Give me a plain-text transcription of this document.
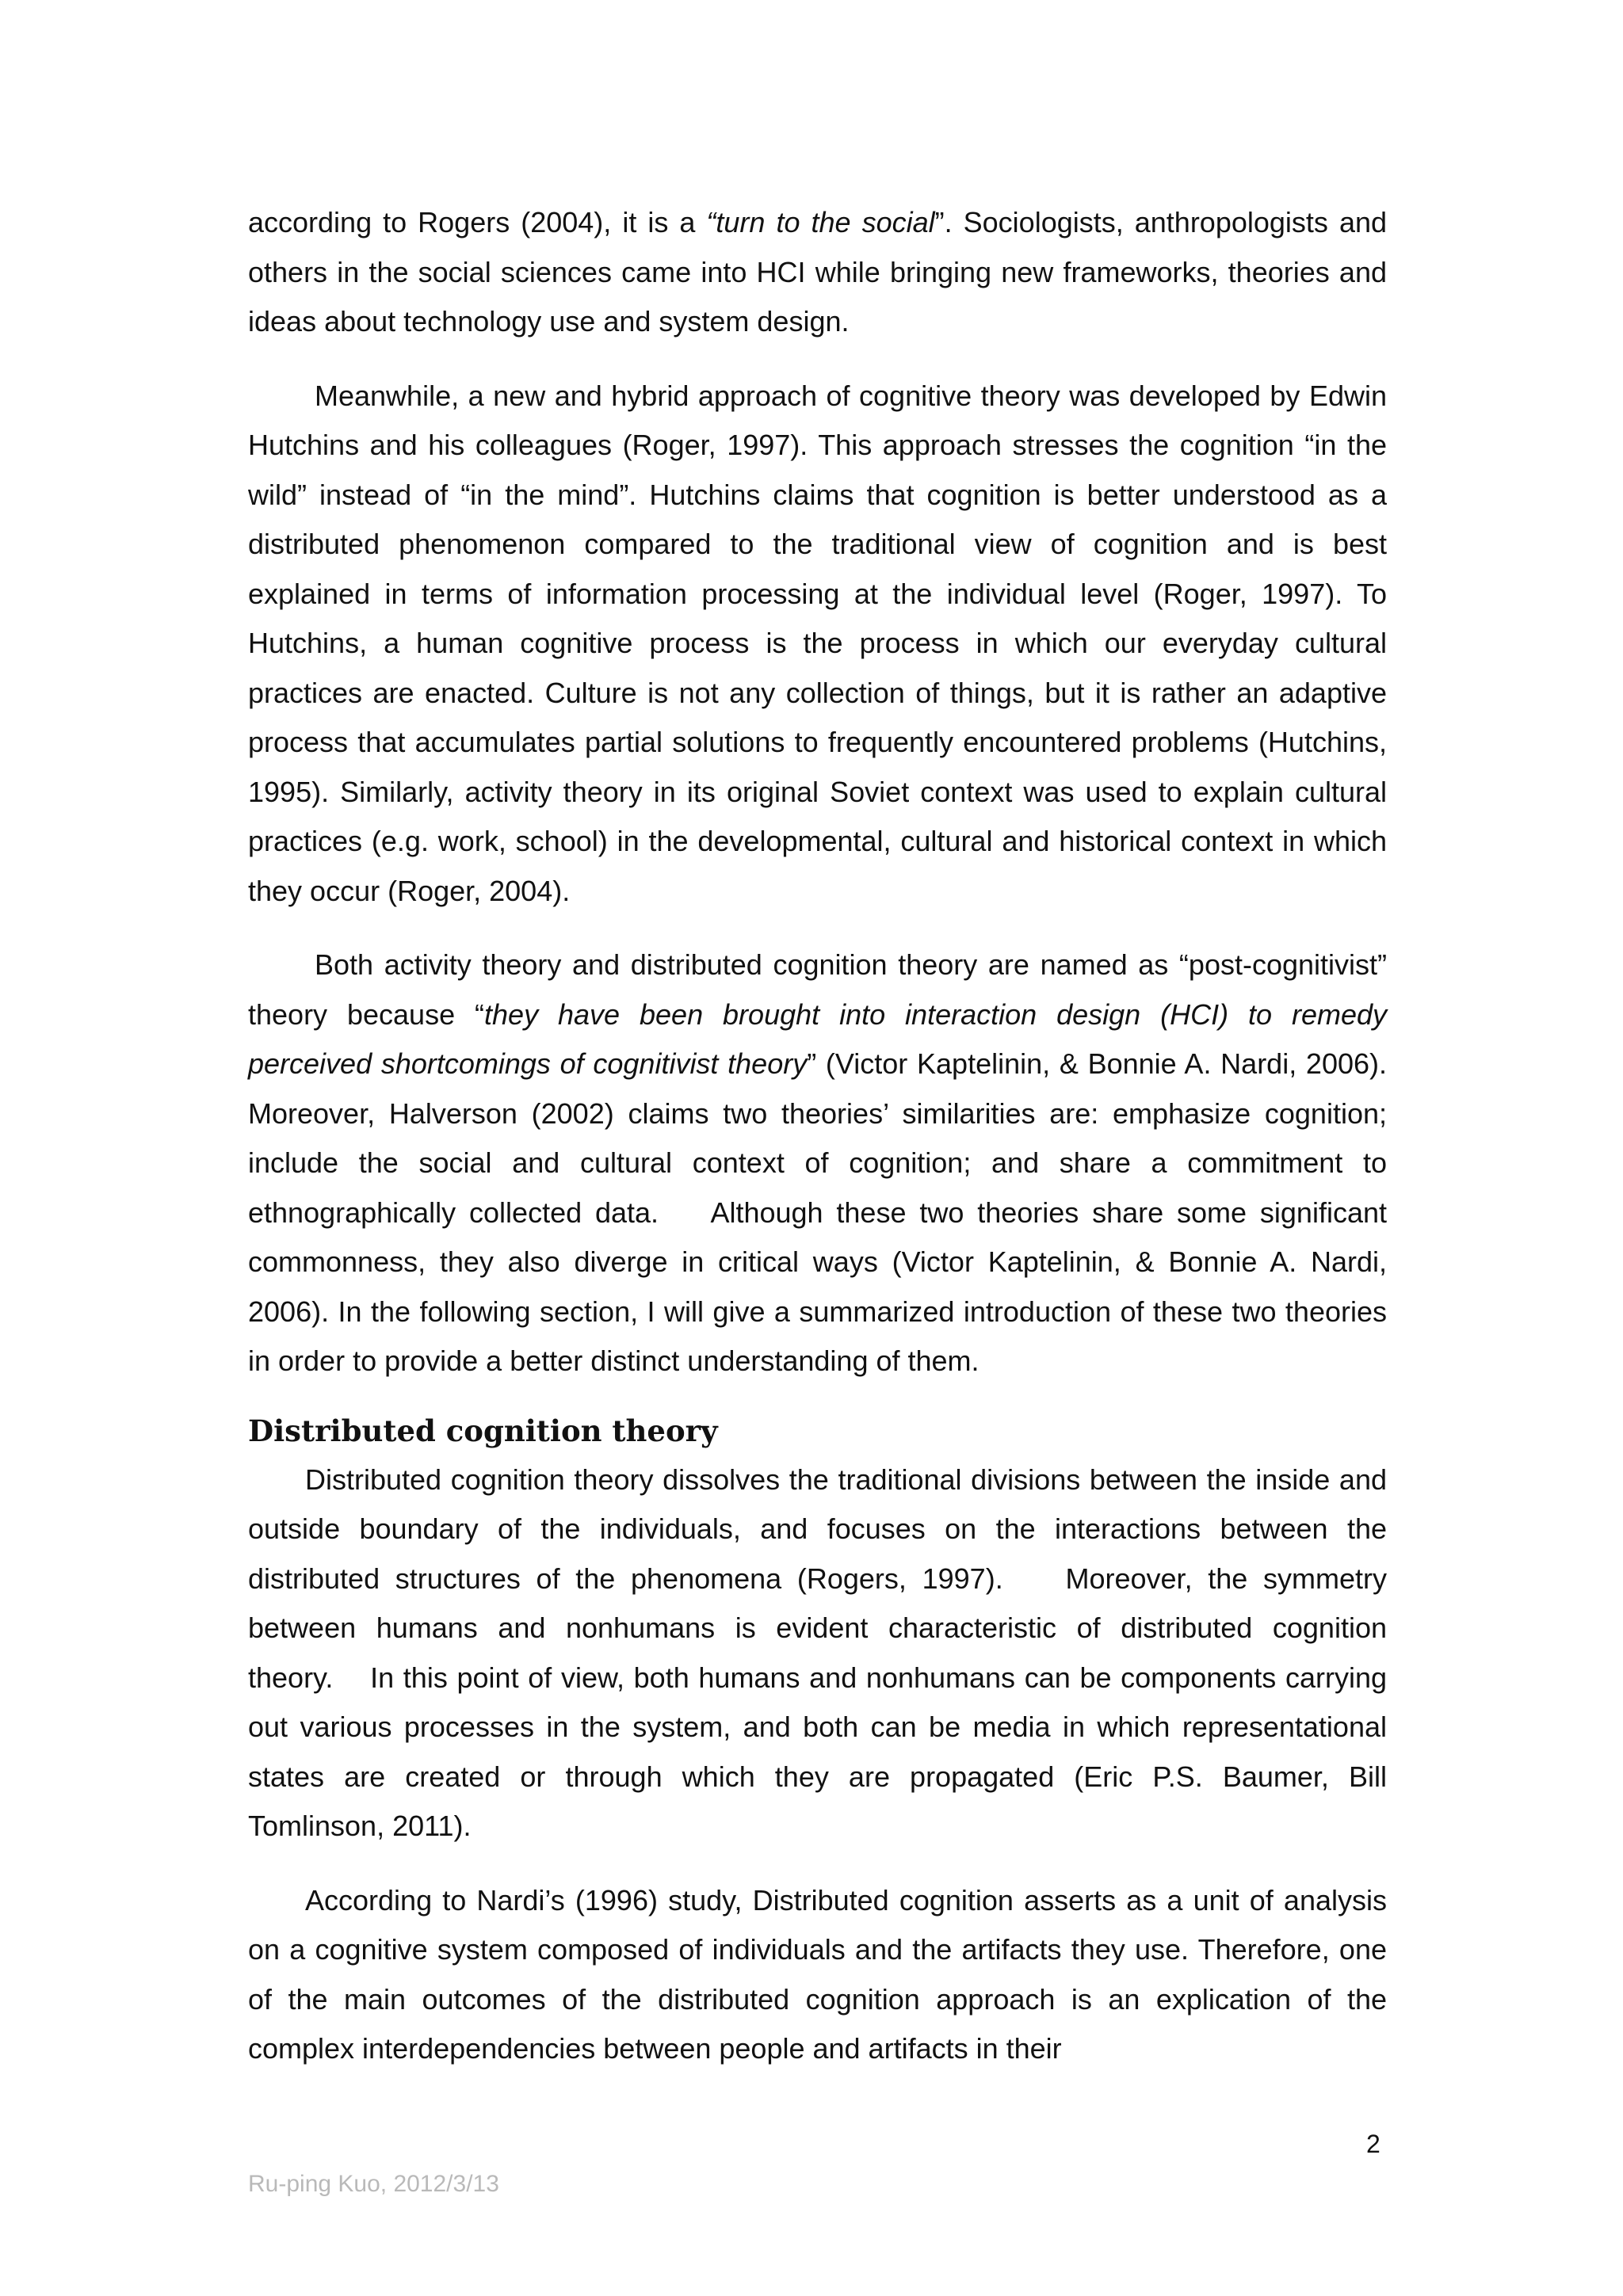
according to Rogers (2004), it is a “turn to the social”. Sociologists, anthropologists and others in the social sciences came into HCI while bringing new frameworks, theories and ideas about technology use and system design.

Meanwhile, a new and hybrid approach of cognitive theory was developed by Edwin Hutchins and his colleagues (Roger, 1997). This approach stresses the cognition “in the wild” instead of “in the mind”. Hutchins claims that cognition is better understood as a distributed phenomenon compared to the traditional view of cognition and is best explained in terms of information processing at the individual level (Roger, 1997). To Hutchins, a human cognitive process is the process in which our everyday cultural practices are enacted. Culture is not any collection of things, but it is rather an adaptive process that accumulates partial solutions to frequently encountered problems (Hutchins, 1995). Similarly, activity theory in its original Soviet context was used to explain cultural practices (e.g. work, school) in the developmental, cultural and historical context in which they occur (Roger, 2004).

Both activity theory and distributed cognition theory are named as “post-cognitivist” theory because “they have been brought into interaction design (HCI) to remedy perceived shortcomings of cognitivist theory” (Victor Kaptelinin, & Bonnie A. Nardi, 2006). Moreover, Halverson (2002) claims two theories’ similarities are: emphasize cognition; include the social and cultural context of cognition; and share a commitment to ethnographically collected data.    Although these two theories share some significant commonness, they also diverge in critical ways (Victor Kaptelinin, & Bonnie A. Nardi, 2006). In the following section, I will give a summarized introduction of these two theories in order to provide a better distinct understanding of them.

Distributed cognition theory

Distributed cognition theory dissolves the traditional divisions between the inside and outside boundary of the individuals, and focuses on the interactions between the distributed structures of the phenomena (Rogers, 1997).    Moreover, the symmetry between humans and nonhumans is evident characteristic of distributed cognition theory.    In this point of view, both humans and nonhumans can be components carrying out various processes in the system, and both can be media in which representational states are created or through which they are propagated (Eric P.S. Baumer, Bill Tomlinson, 2011).

According to Nardi’s (1996) study, Distributed cognition asserts as a unit of analysis on a cognitive system composed of individuals and the artifacts they use. Therefore, one of the main outcomes of the distributed cognition approach is an explication of the complex interdependencies between people and artifacts in their

2
Ru-ping Kuo, 2012/3/13
